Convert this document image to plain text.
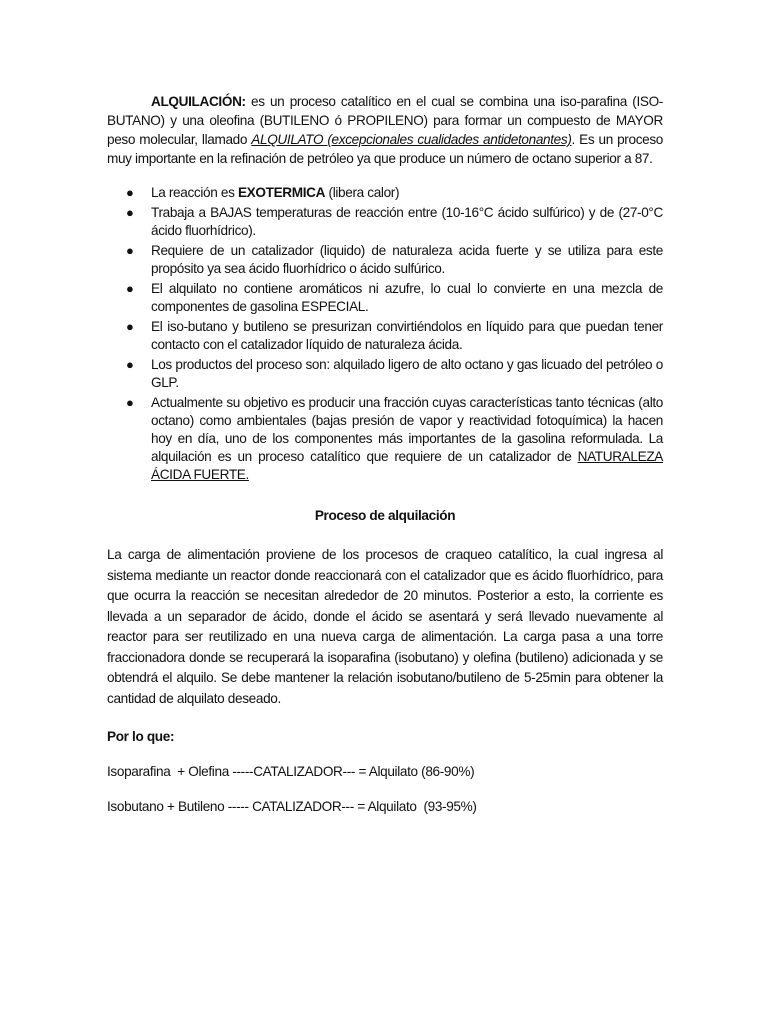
ALQUILACIÓN: es un proceso catalítico en el cual se combina una iso-parafina (ISO-BUTANO) y una oleofina (BUTILENO ó PROPILENO) para formar un compuesto de MAYOR peso molecular, llamado ALQUILATO (excepcionales cualidades antidetonantes). Es un proceso muy importante en la refinación de petróleo ya que produce un número de octano superior a 87.

● La reacción es EXOTERMICA (libera calor)
● Trabaja a BAJAS temperaturas de reacción entre (10-16°C ácido sulfúrico) y de (27-0°C ácido fluorhídrico).
● Requiere de un catalizador (liquido) de naturaleza acida fuerte y se utiliza para este propósito ya sea ácido fluorhídrico o ácido sulfúrico.
● El alquilato no contiene aromáticos ni azufre, lo cual lo convierte en una mezcla de componentes de gasolina ESPECIAL.
● El iso-butano y butileno se presurizan convirtiéndolos en líquido para que puedan tener contacto con el catalizador líquido de naturaleza ácida.
● Los productos del proceso son: alquilado ligero de alto octano y gas licuado del petróleo o GLP.
● Actualmente su objetivo es producir una fracción cuyas características tanto técnicas (alto octano) como ambientales (bajas presión de vapor y reactividad fotoquímica) la hacen hoy en día, uno de los componentes más importantes de la gasolina reformulada. La alquilación es un proceso catalítico que requiere de un catalizador de NATURALEZA ÁCIDA FUERTE.
Proceso de alquilación

La carga de alimentación proviene de los procesos de craqueo catalítico, la cual ingresa al sistema mediante un reactor donde reaccionará con el catalizador que es ácido fluorhídrico, para que ocurra la reacción se necesitan alrededor de 20 minutos. Posterior a esto, la corriente es llevada a un separador de ácido, donde el ácido se asentará y será llevado nuevamente al reactor para ser reutilizado en una nueva carga de alimentación. La carga pasa a una torre fraccionadora donde se recuperará la isoparafina (isobutano) y olefina (butileno) adicionada y se obtendrá el alquilo. Se debe mantener la relación isobutano/butileno de 5-25min para obtener la cantidad de alquilato deseado.

Por lo que:

Isoparafina  + Olefina -----CATALIZADOR--- = Alquilato (86-90%)

Isobutano + Butileno ----- CATALIZADOR--- = Alquilato  (93-95%)
